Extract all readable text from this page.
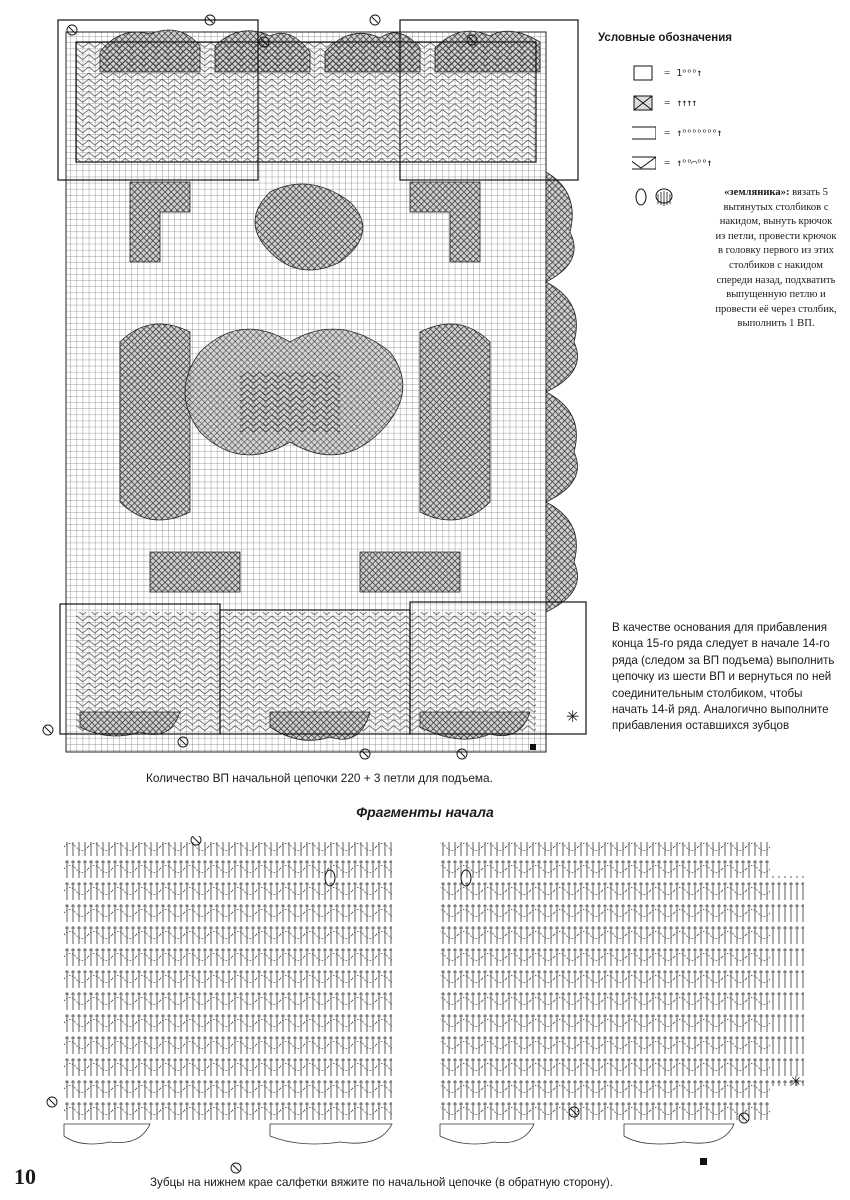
✳
Условные обозначения
= 1ᵒᵒᵒ↑
= ↑↑↑↑
= ↑ᵒᵒᵒᵒᵒᵒᵒ↑
= ↑ᵒᵒ⌒ᵒᵒ↑
«земляника»: вязать 5 вытянутых столбиков с накидом, вынуть крючок из петли, провести крючок в головку первого из этих столбиков с накидом спереди назад, подхватить выпущенную петлю и провести её через столбик, выполнить 1 ВП.
В качестве основания для прибавления конца 15-го ряда следует в начале 14-го ряда (следом за ВП подъема) выполнить цепочку из шести ВП и вернуться по ней соединительным столбиком, чтобы начать 14-й ряд. Аналогично выполните прибавления оставшихся зубцов
Количество ВП начальной цепочки 220 + 3 петли для подъема.
Фрагменты начала
✳
10	Зубцы на нижнем крае салфетки вяжите по начальной цепочке (в обратную сторону).
